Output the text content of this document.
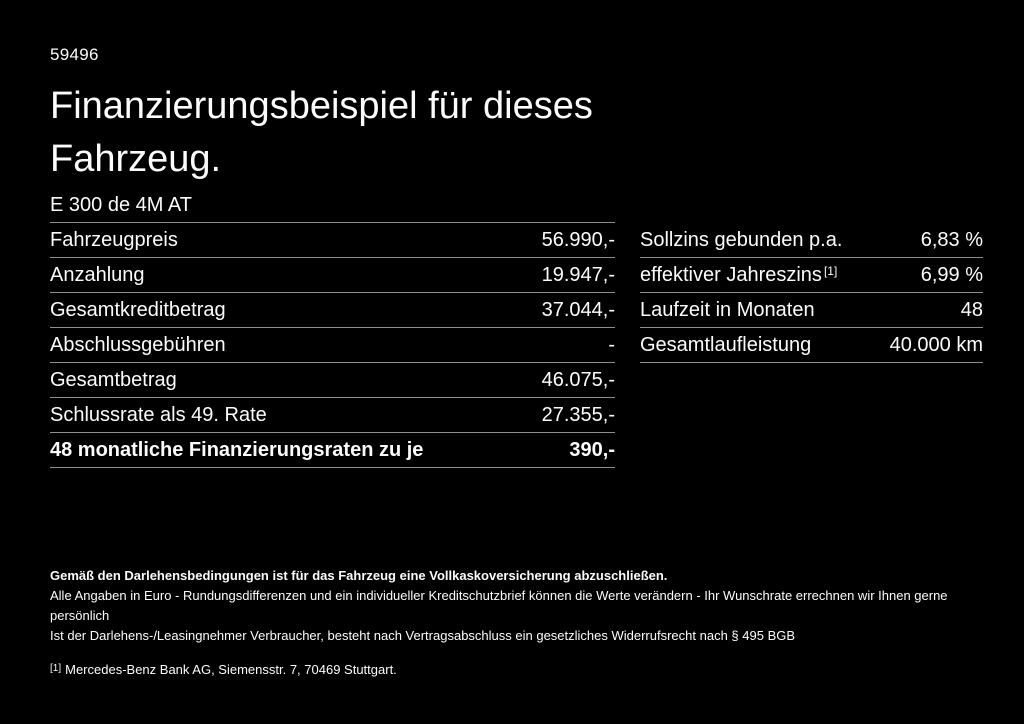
59496
Finanzierungsbeispiel für dieses
Fahrzeug.
E 300 de 4M AT
Fahrzeugpreis	56.990,-
Anzahlung	19.947,-
Gesamtkreditbetrag	37.044,-
Abschlussgebühren	-
Gesamtbetrag	46.075,-
Schlussrate als 49. Rate	27.355,-
48 monatliche Finanzierungsraten zu je	390,-
Sollzins gebunden p.a.	6,83 %
effektiver Jahreszins [1]	6,99 %
Laufzeit in Monaten	48
Gesamtlaufleistung	40.000 km
Gemäß den Darlehensbedingungen ist für das Fahrzeug eine Vollkaskoversicherung abzuschließen.
Alle Angaben in Euro - Rundungsdifferenzen und ein individueller Kreditschutzbrief können die Werte verändern - Ihr Wunschrate errechnen wir Ihnen gerne persönlich
Ist der Darlehens-/Leasingnehmer Verbraucher, besteht nach Vertragsabschluss ein gesetzliches Widerrufsrecht nach § 495 BGB
[1] Mercedes-Benz Bank AG, Siemensstr. 7, 70469 Stuttgart.
